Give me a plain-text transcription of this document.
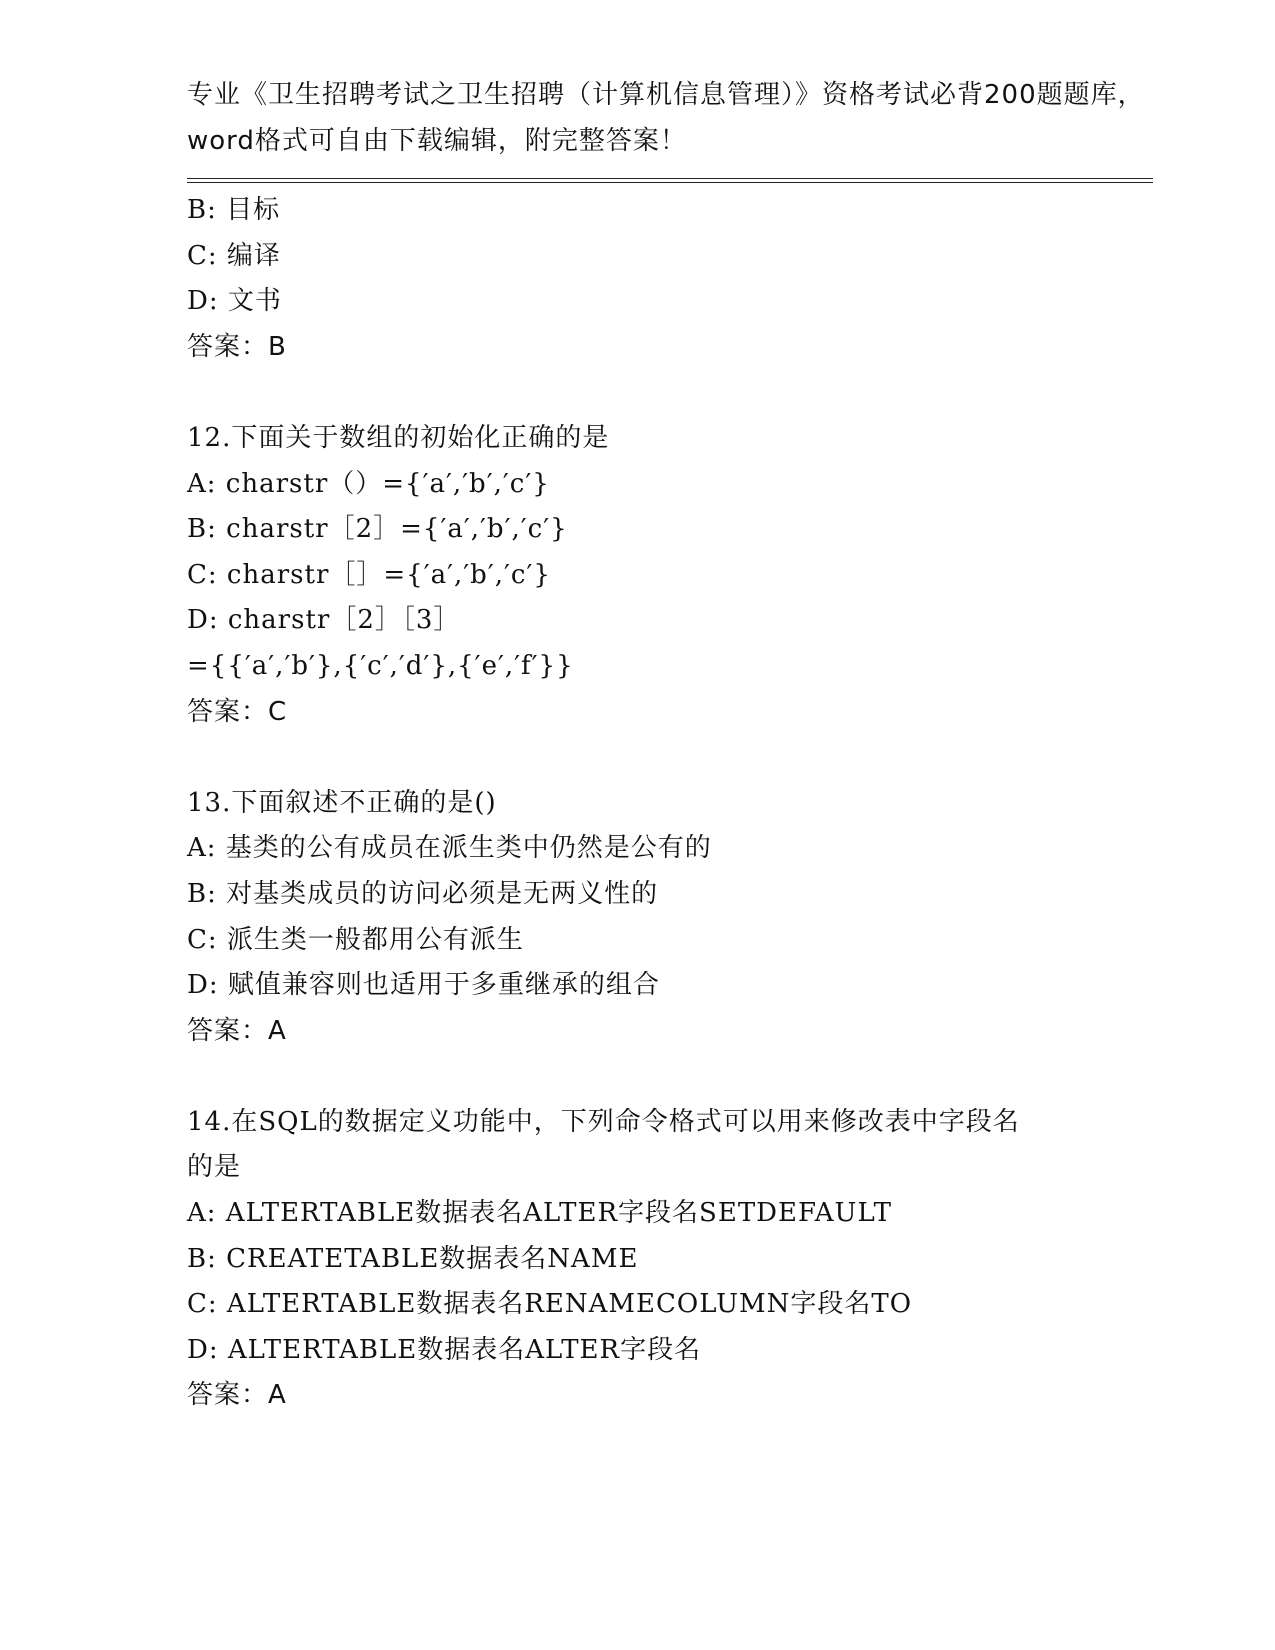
专业《卫生招聘考试之卫生招聘（计算机信息管理）》资格考试必背200题题库，
word格式可自由下载编辑，附完整答案！
B: 目标
C: 编译
D: 文书
答案：B
12.下面关于数组的初始化正确的是
A: charstr（）={′a′,′b′,′c′}
B: charstr［2］={′a′,′b′,′c′}
C: charstr［］={′a′,′b′,′c′}
D: charstr［2］［3］
={{′a′,′b′},{′c′,′d′},{′e′,′f′}}
答案：C
13.下面叙述不正确的是()
A: 基类的公有成员在派生类中仍然是公有的
B: 对基类成员的访问必须是无两义性的
C: 派生类一般都用公有派生
D: 赋值兼容则也适用于多重继承的组合
答案：A
14.在SQL的数据定义功能中，下列命令格式可以用来修改表中字段名
的是
A: ALTERTABLE数据表名ALTER字段名SETDEFAULT
B: CREATETABLE数据表名NAME
C: ALTERTABLE数据表名RENAMECOLUMN字段名TO
D: ALTERTABLE数据表名ALTER字段名
答案：A
